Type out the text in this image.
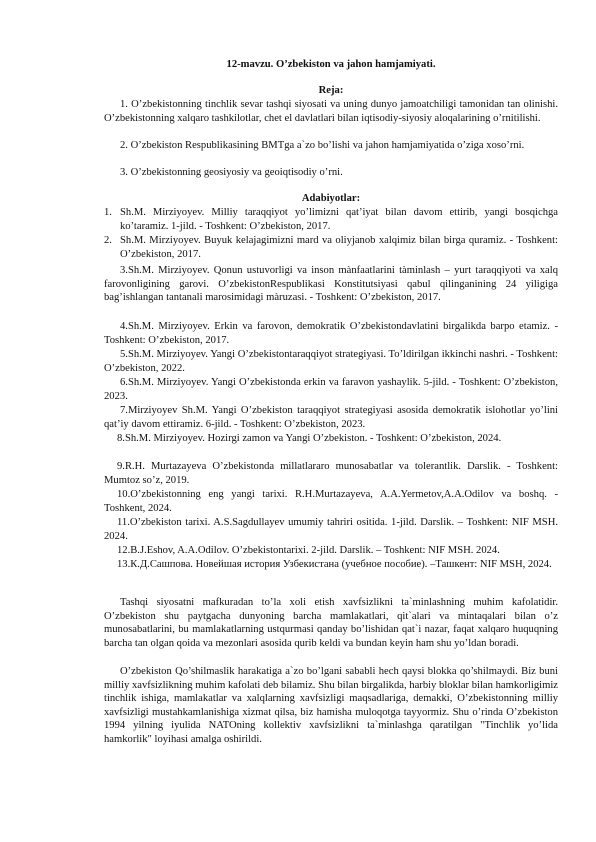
12-mavzu. O’zbekiston va jahon hamjamiyati.
Reja:
1. O’zbekistonning tinchlik sevar tashqi siyosati va uning dunyo jamoatchiligi tamonidan tan olinishi. O’zbekistonning xalqaro tashkilotlar, chet el davlatlari bilan iqtisodiy-siyosiy aloqalarining o’rnitilishi.
2. O’zbekiston Respublikasining BMTga a`zo bo’lishi va jahon hamjamiyatida o’ziga xoso’rni.
3. O’zbekistonning geosiyosiy va geoiqtisodiy o’rni.
Adabiyotlar:
1. Sh.M. Mirziyoyev. Milliy taraqqiyot yo’limizni qat’iyat bilan davom ettirib, yangi bosqichga ko’taramiz. 1-jild. - Toshkent: O’zbekiston, 2017.
2. Sh.M. Mirziyoyev. Buyuk kelajagimizni mard va oliyjanob xalqimiz bilan birga quramiz. - Toshkent: O’zbekiston, 2017.
3.Sh.M. Mirziyoyev. Qonun ustuvorligi va inson mànfaatlarini tàminlash – yurt taraqqiyoti va xalq farovonligining garovi. O’zbekistonRespublikasi Konstitutsiyasi qabul qilinganining 24 yiligiga bag’ishlangan tantanali marosimidagi màruzasi. - Toshkent: O’zbekiston, 2017.
4.Sh.M. Mirziyoyev. Erkin va farovon, demokratik O’zbekistondavlatini birgalikda barpo etamiz. - Toshkent: O’zbekiston, 2017.
5.Sh.M. Mirziyoyev. Yangi O’zbekistontaraqqiyot strategiyasi. To’ldirilgan ikkinchi nashri. - Toshkent: O’zbekiston, 2022.
6.Sh.M. Mirziyoyev. Yangi O’zbekistonda erkin va faravon yashaylik. 5-jild. - Toshkent: O’zbekiston, 2023.
7.Mirziyoyev Sh.M. Yangi O’zbekiston taraqqiyot strategiyasi asosida demokratik islohotlar yo’lini qat’iy davom ettiramiz. 6-jild. - Toshkent: O’zbekiston, 2023.
8.Sh.M. Mirziyoyev. Hozirgi zamon va Yangi O’zbekiston. - Toshkent: O’zbekiston, 2024.
9.R.H. Murtazayeva O’zbekistonda millatlararo munosabatlar va tolerantlik. Darslik. - Toshkent: Mumtoz so’z, 2019.
10.O’zbekistonning eng yangi tarixi. R.H.Murtazayeva, A.A.Yermetov,A.A.Odilov va boshq. - Toshkent, 2024.
11.O’zbekiston tarixi. A.S.Sagdullayev umumiy tahriri ositida. 1-jild. Darslik. – Toshkent: NIF MSH. 2024.
12.B.J.Eshov, A.A.Odilov. O’zbekistontarixi. 2-jild. Darslik. – Toshkent: NIF MSH. 2024.
13.К.Д.Сашпова. Новейшая история Узбекистана (учебное пособие). –Ташкент: NIF MSH, 2024.
Tashqi siyosatni mafkuradan to’la xoli etish xavfsizlikni ta`minlashning muhim kafolatidir. O’zbekiston shu paytgacha dunyoning barcha mamlakatlari, qit`alari va mintaqalari bilan o’z munosabatlarini, bu mamlakatlarning ustqurmasi qanday bo’lishidan qat`i nazar, faqat xalqaro huquqning barcha tan olgan qoida va mezonlari asosida qurib keldi va bundan keyin ham shu yo’ldan boradi.
O’zbekiston Qo’shilmaslik harakatiga a`zo bo’lgani sababli hech qaysi blokka qo’shilmaydi. Biz buni milliy xavfsizlikning muhim kafolati deb bilamiz. Shu bilan birgalikda, harbiy bloklar bilan hamkorligimiz tinchlik ishiga, mamlakatlar va xalqlarning xavfsizligi maqsadlariga, demakki, O’zbekistonning milliy xavfsizligi mustahkamlanishiga xizmat qilsa, biz hamisha muloqotga tayyormiz. Shu o’rinda O’zbekiston 1994 yilning iyulida NATOning kollektiv xavfsizlikni ta`minlashga qaratilgan "Tinchlik yo’lida hamkorlik" loyihasi amalga oshirildi.
